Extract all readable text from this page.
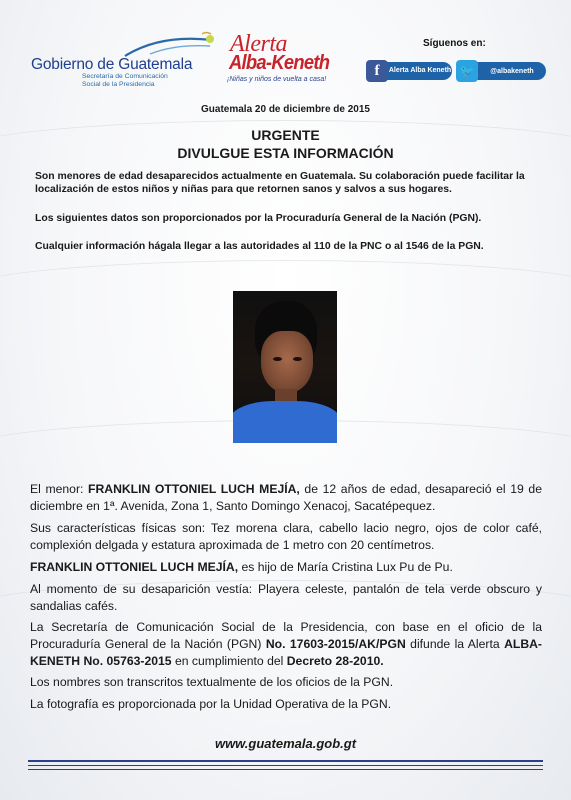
Gobierno de Guatemala
Secretaría de Comunicación
Social de la Presidencia
Alerta
Alba-Keneth
¡Niñas y niños de vuelta a casa!
Síguenos en:
f	Alerta Alba Keneth 🐦	@albakeneth
Guatemala 20 de diciembre de 2015
URGENTE
DIVULGUE ESTA INFORMACIÓN
Son menores de edad desaparecidos actualmente en Guatemala. Su colaboración puede facilitar la localización de estos niños y niñas para que retornen sanos y salvos a sus hogares.
Los siguientes datos son proporcionados por la Procuraduría General de la Nación (PGN).
Cualquier información hágala llegar a las autoridades al 110 de la PNC o al 1546 de la PGN.
El menor: FRANKLIN OTTONIEL LUCH MEJÍA, de 12 años de edad, desapareció el 19 de diciembre en 1ª. Avenida, Zona 1, Santo Domingo Xenacoj, Sacatépequez.
Sus características físicas son: Tez morena clara, cabello lacio negro, ojos de color café, complexión delgada y estatura aproximada de 1 metro con 20 centímetros.
FRANKLIN OTTONIEL LUCH MEJÍA, es hijo de María Cristina Lux Pu de Pu.
Al momento de su desaparición vestía: Playera celeste, pantalón de tela verde obscuro y sandalias cafés.
La Secretaría de Comunicación Social de la Presidencia, con base en el oficio de la Procuraduría General de la Nación (PGN) No. 17603-2015/AK/PGN difunde la Alerta ALBA-KENETH No. 05763-2015 en cumplimiento del Decreto 28-2010.
Los nombres son transcritos textualmente de los oficios de la PGN.
La fotografía es proporcionada por la Unidad Operativa de la PGN.
www.guatemala.gob.gt
